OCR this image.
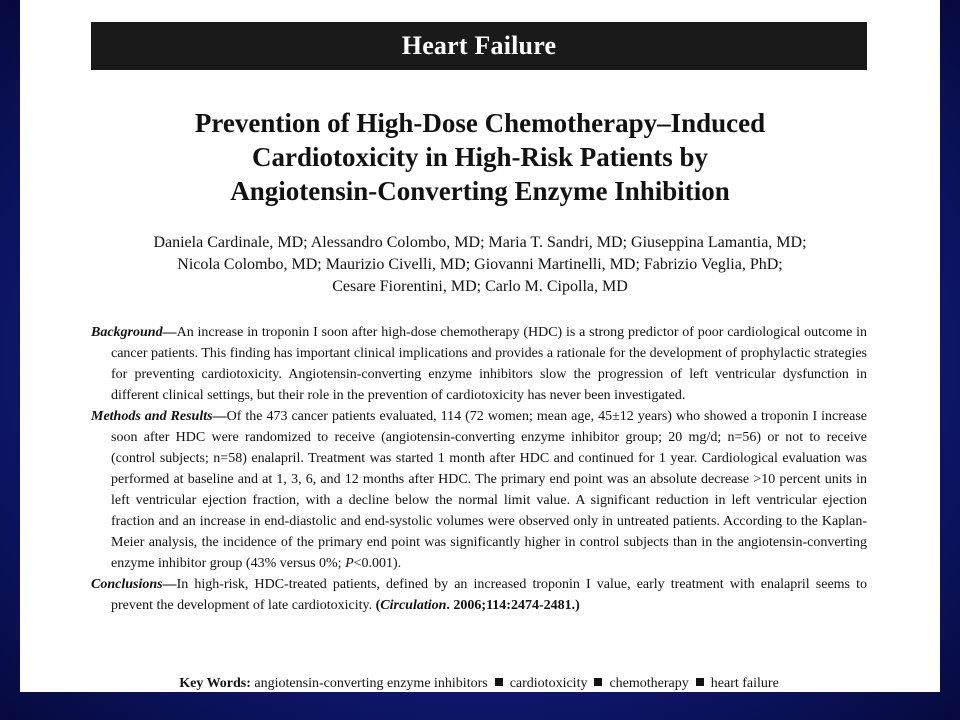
Heart Failure
Prevention of High-Dose Chemotherapy–Induced
Cardiotoxicity in High-Risk Patients by
Angiotensin-Converting Enzyme Inhibition
Daniela Cardinale, MD; Alessandro Colombo, MD; Maria T. Sandri, MD; Giuseppina Lamantia, MD;
Nicola Colombo, MD; Maurizio Civelli, MD; Giovanni Martinelli, MD; Fabrizio Veglia, PhD;
Cesare Fiorentini, MD; Carlo M. Cipolla, MD

Background—An increase in troponin I soon after high-dose chemotherapy (HDC) is a strong predictor of poor cardiological outcome in cancer patients. This finding has important clinical implications and provides a rationale for the development of prophylactic strategies for preventing cardiotoxicity. Angiotensin-converting enzyme inhibitors slow the progression of left ventricular dysfunction in different clinical settings, but their role in the prevention of cardiotoxicity has never been investigated.

Methods and Results—Of the 473 cancer patients evaluated, 114 (72 women; mean age, 45±12 years) who showed a troponin I increase soon after HDC were randomized to receive (angiotensin-converting enzyme inhibitor group; 20 mg/d; n=56) or not to receive (control subjects; n=58) enalapril. Treatment was started 1 month after HDC and continued for 1 year. Cardiological evaluation was performed at baseline and at 1, 3, 6, and 12 months after HDC. The primary end point was an absolute decrease >10 percent units in left ventricular ejection fraction, with a decline below the normal limit value. A significant reduction in left ventricular ejection fraction and an increase in end-diastolic and end-systolic volumes were observed only in untreated patients. According to the Kaplan-Meier analysis, the incidence of the primary end point was significantly higher in control subjects than in the angiotensin-converting enzyme inhibitor group (43% versus 0%; P<0.001).

Conclusions—In high-risk, HDC-treated patients, defined by an increased troponin I value, early treatment with enalapril seems to prevent the development of late cardiotoxicity. (Circulation. 2006;114:2474-2481.)

Key Words: angiotensin-converting enzyme inhibitors cardiotoxicity chemotherapy heart failure
